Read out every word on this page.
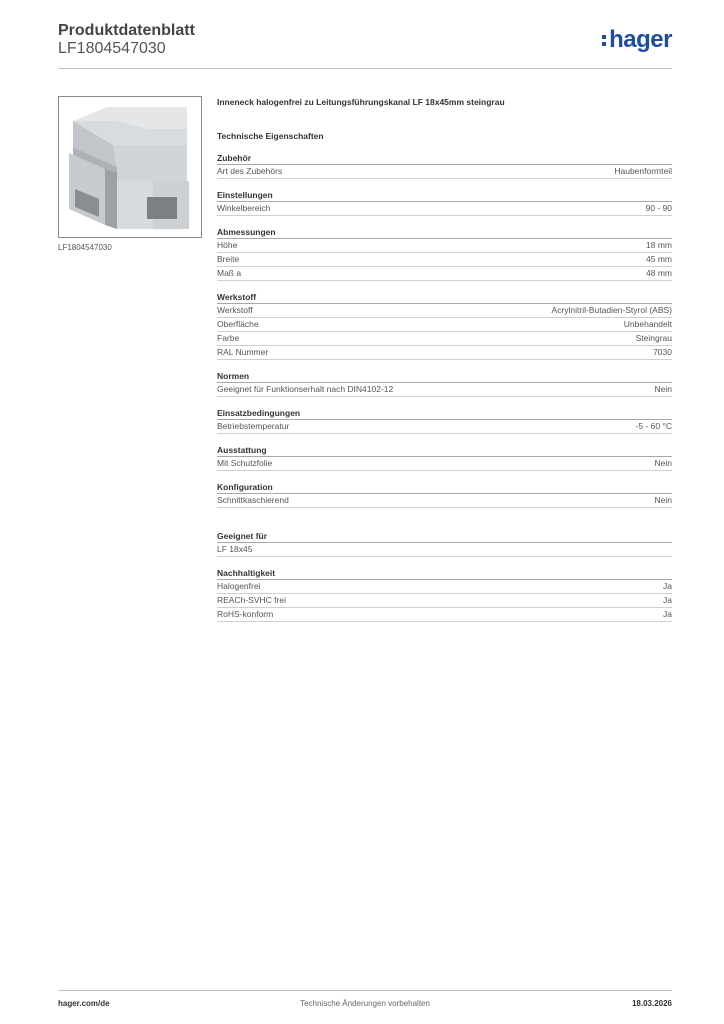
Produktdatenblatt
LF1804547030	hager
LF1804547030
Inneneck halogenfrei zu Leitungsführungskanal LF 18x45mm steingrau
Technische Eigenschaften
Zubehör
Art des Zubehörs	Haubenformteil
Einstellungen
Winkelbereich	90 - 90
Abmessungen
Höhe	18 mm
Breite	45 mm
Maß a	48 mm
Werkstoff
Werkstoff	Acrylnitril-Butadien-Styrol (ABS)
Oberfläche	Unbehandelt
Farbe	Steingrau
RAL Nummer	7030
Normen
Geeignet für Funktionserhalt nach DIN4102-12	Nein
Einsatzbedingungen
Betriebstemperatur	-5 - 60 °C
Ausstattung
Mit Schutzfolie	Nein
Konfiguration
Schnittkaschierend	Nein
Geeignet für
LF 18x45
Nachhaltigkeit
Halogenfrei	Ja
REACh-SVHC frei	Ja
RoHS-konform	Ja
hager.com/de	Technische Änderungen vorbehalten	18.03.2026
